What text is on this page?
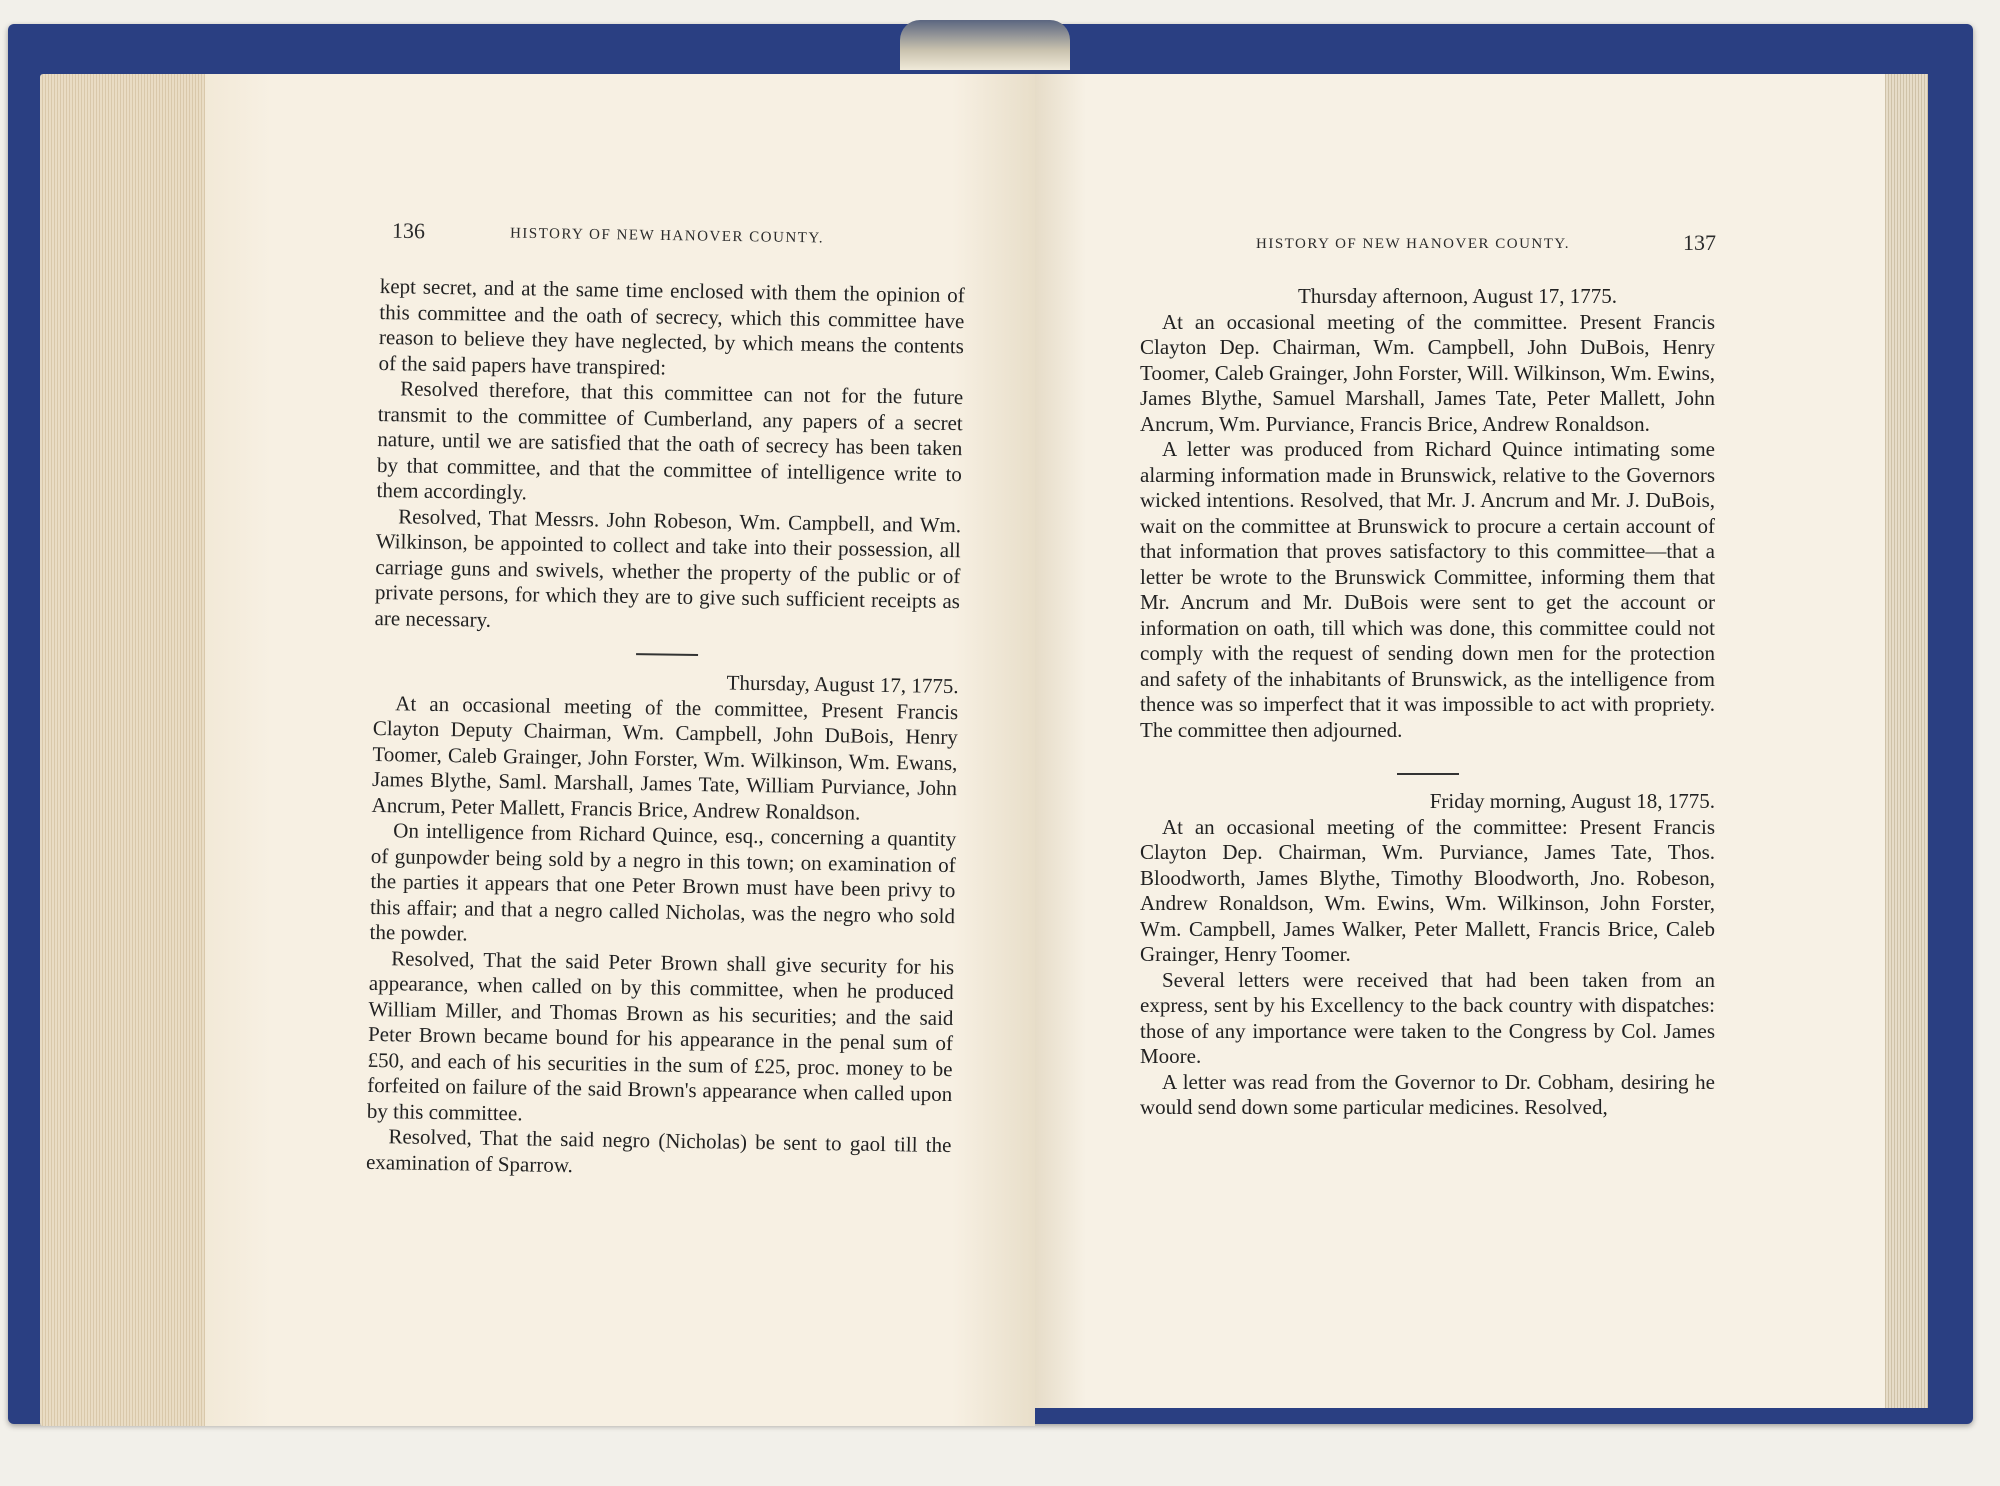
136	HISTORY OF NEW HANOVER COUNTY.	HISTORY OF NEW HANOVER COUNTY.	137

kept secret, and at the same time enclosed with them the opinion of this committee and the oath of secrecy, which this committee have reason to believe they have neglected, by which means the contents of the said papers have transpired:

Resolved therefore, that this committee can not for the future transmit to the committee of Cumberland, any papers of a secret nature, until we are satisfied that the oath of secrecy has been taken by that committee, and that the committee of intelligence write to them accordingly.

Resolved, That Messrs. John Robeson, Wm. Campbell, and Wm. Wilkinson, be appointed to collect and take into their possession, all carriage guns and swivels, whether the property of the public or of private persons, for which they are to give such sufficient receipts as are necessary.

Thursday, August 17, 1775.

At an occasional meeting of the committee, Present Francis Clayton Deputy Chairman, Wm. Campbell, John DuBois, Henry Toomer, Caleb Grainger, John Forster, Wm. Wilkinson, Wm. Ewans, James Blythe, Saml. Marshall, James Tate, William Purviance, John Ancrum, Peter Mallett, Francis Brice, Andrew Ronaldson.

On intelligence from Richard Quince, esq., concerning a quantity of gunpowder being sold by a negro in this town; on examination of the parties it appears that one Peter Brown must have been privy to this affair; and that a negro called Nicholas, was the negro who sold the powder.

Resolved, That the said Peter Brown shall give security for his appearance, when called on by this committee, when he produced William Miller, and Thomas Brown as his securities; and the said Peter Brown became bound for his appearance in the penal sum of £50, and each of his securities in the sum of £25, proc. money to be forfeited on failure of the said Brown's appearance when called upon by this committee.

Resolved, That the said negro (Nicholas) be sent to gaol till the examination of Sparrow.

Thursday afternoon, August 17, 1775.

At an occasional meeting of the committee. Present Francis Clayton Dep. Chairman, Wm. Campbell, John DuBois, Henry Toomer, Caleb Grainger, John Forster, Will. Wilkinson, Wm. Ewins, James Blythe, Samuel Marshall, James Tate, Peter Mallett, John Ancrum, Wm. Purviance, Francis Brice, Andrew Ronaldson.

A letter was produced from Richard Quince intimating some alarming information made in Brunswick, relative to the Governors wicked intentions. Resolved, that Mr. J. Ancrum and Mr. J. DuBois, wait on the committee at Brunswick to procure a certain account of that information that proves satisfactory to this committee—that a letter be wrote to the Brunswick Committee, informing them that Mr. Ancrum and Mr. DuBois were sent to get the account or information on oath, till which was done, this committee could not comply with the request of sending down men for the protection and safety of the inhabitants of Brunswick, as the intelligence from thence was so imperfect that it was impossible to act with propriety. The committee then adjourned.

Friday morning, August 18, 1775.

At an occasional meeting of the committee: Present Francis Clayton Dep. Chairman, Wm. Purviance, James Tate, Thos. Bloodworth, James Blythe, Timothy Bloodworth, Jno. Robeson, Andrew Ronaldson, Wm. Ewins, Wm. Wilkinson, John Forster, Wm. Campbell, James Walker, Peter Mallett, Francis Brice, Caleb Grainger, Henry Toomer.

Several letters were received that had been taken from an express, sent by his Excellency to the back country with dispatches: those of any importance were taken to the Congress by Col. James Moore.

A letter was read from the Governor to Dr. Cobham, desiring he would send down some particular medicines. Resolved,
